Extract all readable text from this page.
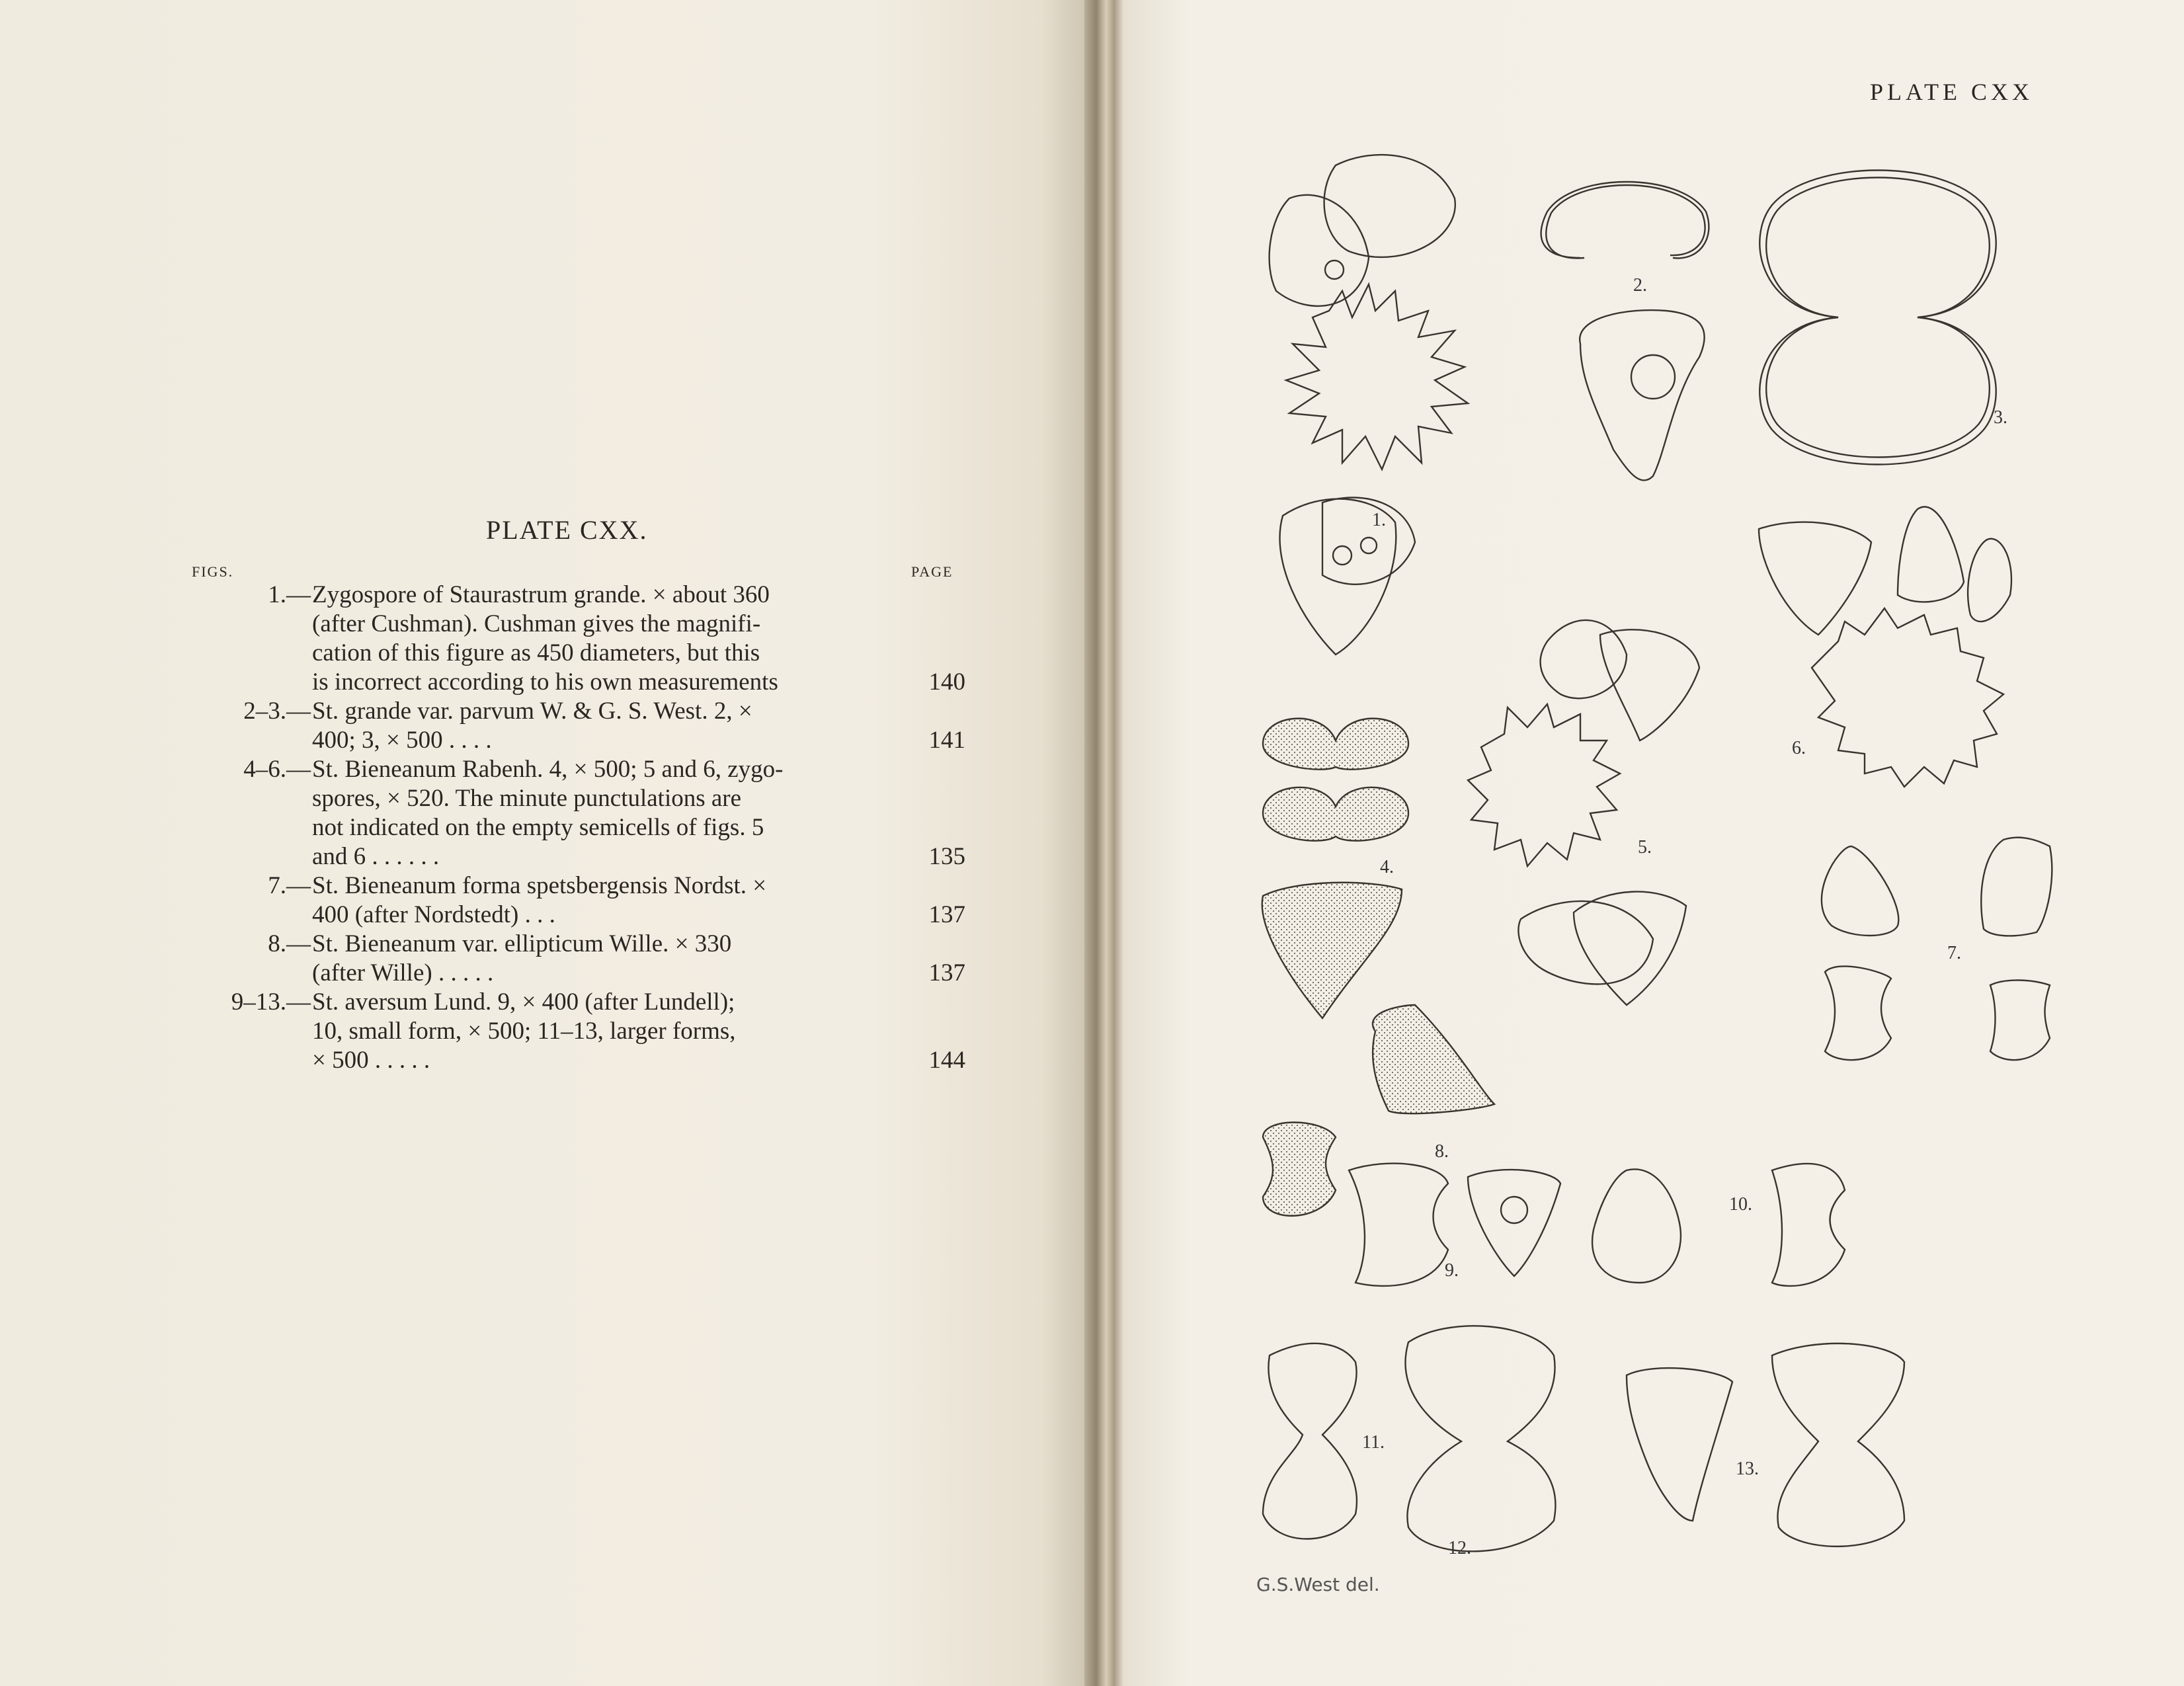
PLATE CXX.
FIGS.	PAGE
1.— Zygospore of Staurastrum grande. × about 360
(after Cushman). Cushman gives the magnifi-
cation of this figure as 450 diameters, but this
is incorrect according to his own measurements	140
2–3.— St. grande var. parvum W. & G. S. West. 2, ×
400; 3, × 500 . . . .	141
4–6.— St. Bieneanum Rabenh. 4, × 500; 5 and 6, zygo-
spores, × 520. The minute punctulations are
not indicated on the empty semicells of figs. 5
and 6 . . . . . .	135
7.— St. Bieneanum forma spetsbergensis Nordst. ×
400 (after Nordstedt) . . .	137
8.— St. Bieneanum var. ellipticum Wille. × 330
(after Wille) . . . . .	137
9–13.— St. aversum Lund. 9, × 400 (after Lundell);
10, small form, × 500; 11–13, larger forms,
× 500 . . . . .	144
PLATE CXX
1.
2.
3.
4.
5.
6.
7.
8.
9.
10.
11.
12.
13.
G.S.West del.
